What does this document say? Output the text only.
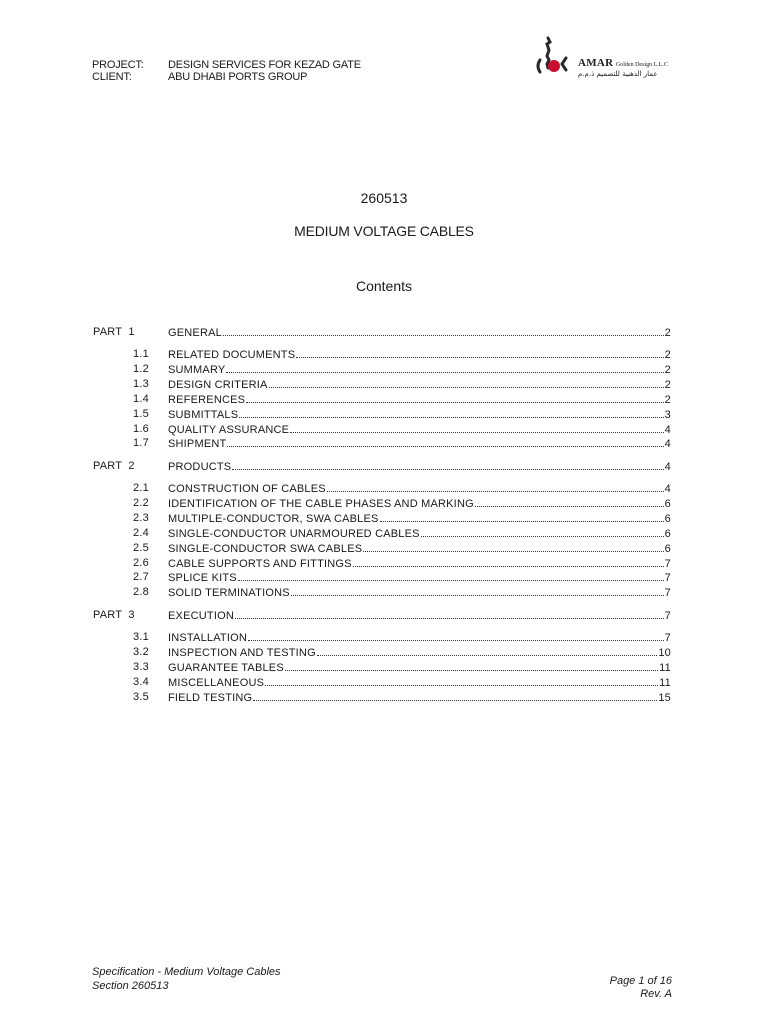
PROJECT:	DESIGN SERVICES FOR KEZAD GATE
CLIENT:	ABU DHABI PORTS GROUP
AMAR Golden Design L.L.C
عمار الذهبية للتصميم ذ.م.م
260513
MEDIUM VOLTAGE CABLES
Contents
PART  1	GENERAL	2
1.1 RELATED DOCUMENTS	2
1.2 SUMMARY	2
1.3 DESIGN CRITERIA	2
1.4 REFERENCES	2
1.5 SUBMITTALS	3
1.6 QUALITY ASSURANCE	4
1.7 SHIPMENT	4
PART  2	PRODUCTS	4
2.1 CONSTRUCTION OF CABLES	4
2.2 IDENTIFICATION OF THE CABLE PHASES AND MARKING	6
2.3 MULTIPLE-CONDUCTOR, SWA CABLES	6
2.4 SINGLE-CONDUCTOR UNARMOURED CABLES	6
2.5 SINGLE-CONDUCTOR SWA CABLES	6
2.6 CABLE SUPPORTS AND FITTINGS	7
2.7 SPLICE KITS	7
2.8 SOLID TERMINATIONS	7
PART  3	EXECUTION	7
3.1 INSTALLATION	7
3.2 INSPECTION AND TESTING	10
3.3 GUARANTEE TABLES	11
3.4 MISCELLANEOUS	11
3.5 FIELD TESTING	15
Specification - Medium Voltage Cables
Section 260513	Page 1 of 16
Rev. A
